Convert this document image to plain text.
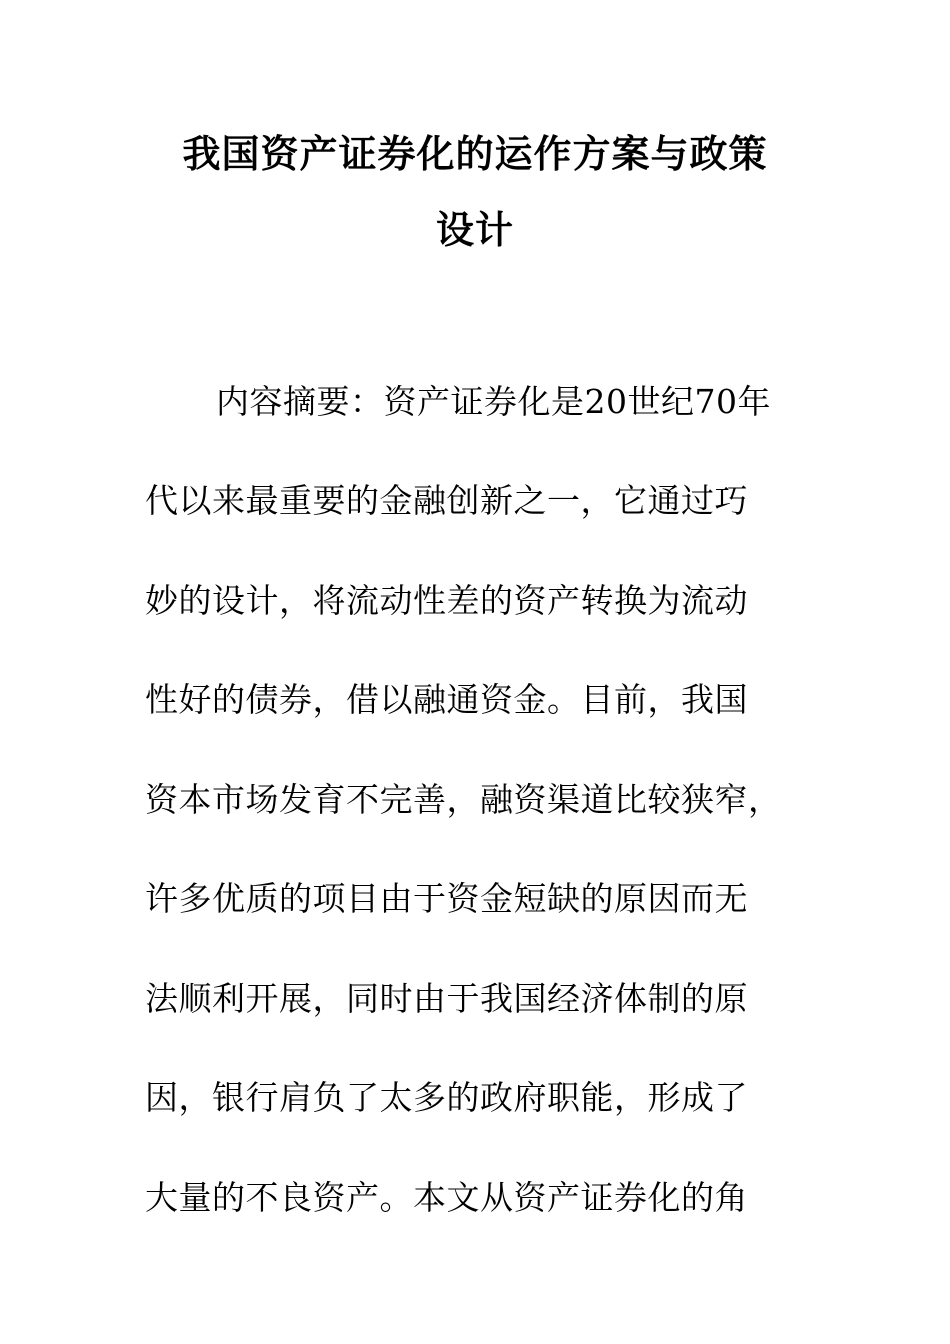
我国资产证券化的运作方案与政策
设计
内容摘要：资产证券化是20世纪70年
代以来最重要的金融创新之一，它通过巧
妙的设计，将流动性差的资产转换为流动
性好的债券，借以融通资金。目前，我国
资本市场发育不完善，融资渠道比较狭窄，
许多优质的项目由于资金短缺的原因而无
法顺利开展，同时由于我国经济体制的原
因，银行肩负了太多的政府职能，形成了
大量的不良资产。本文从资产证券化的角
